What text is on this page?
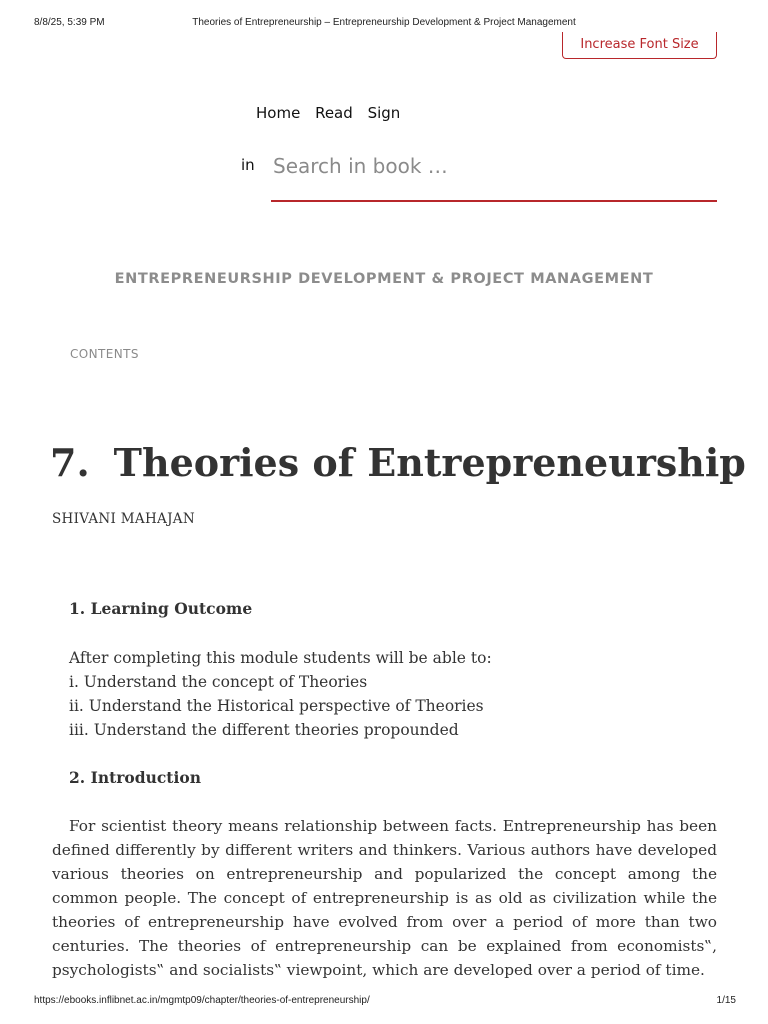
8/8/25, 5:39 PM	Theories of Entrepreneurship – Entrepreneurship Development & Project Management
Increase Font Size
Home Read Sign
in
Search in book …
ENTREPRENEURSHIP DEVELOPMENT & PROJECT MANAGEMENT
CONTENTS
7. Theories of Entrepreneurship
SHIVANI MAHAJAN
1. Learning Outcome
After completing this module students will be able to:
i. Understand the concept of Theories
ii. Understand the Historical perspective of Theories
iii. Understand the different theories propounded
2. Introduction

For scientist theory means relationship between facts. Entrepreneurship has been defined differently by different writers and thinkers. Various authors have developed various theories on entrepreneurship and popularized the concept among the common people. The concept of entrepreneurship is as old as civilization while the theories of entrepreneurship have evolved from over a period of more than two centuries. The theories of entrepreneurship can be explained from economists‟, psychologists‟ and socialists‟ viewpoint, which are developed over a period of time.

https://ebooks.inflibnet.ac.in/mgmtp09/chapter/theories-of-entrepreneurship/	1/15
